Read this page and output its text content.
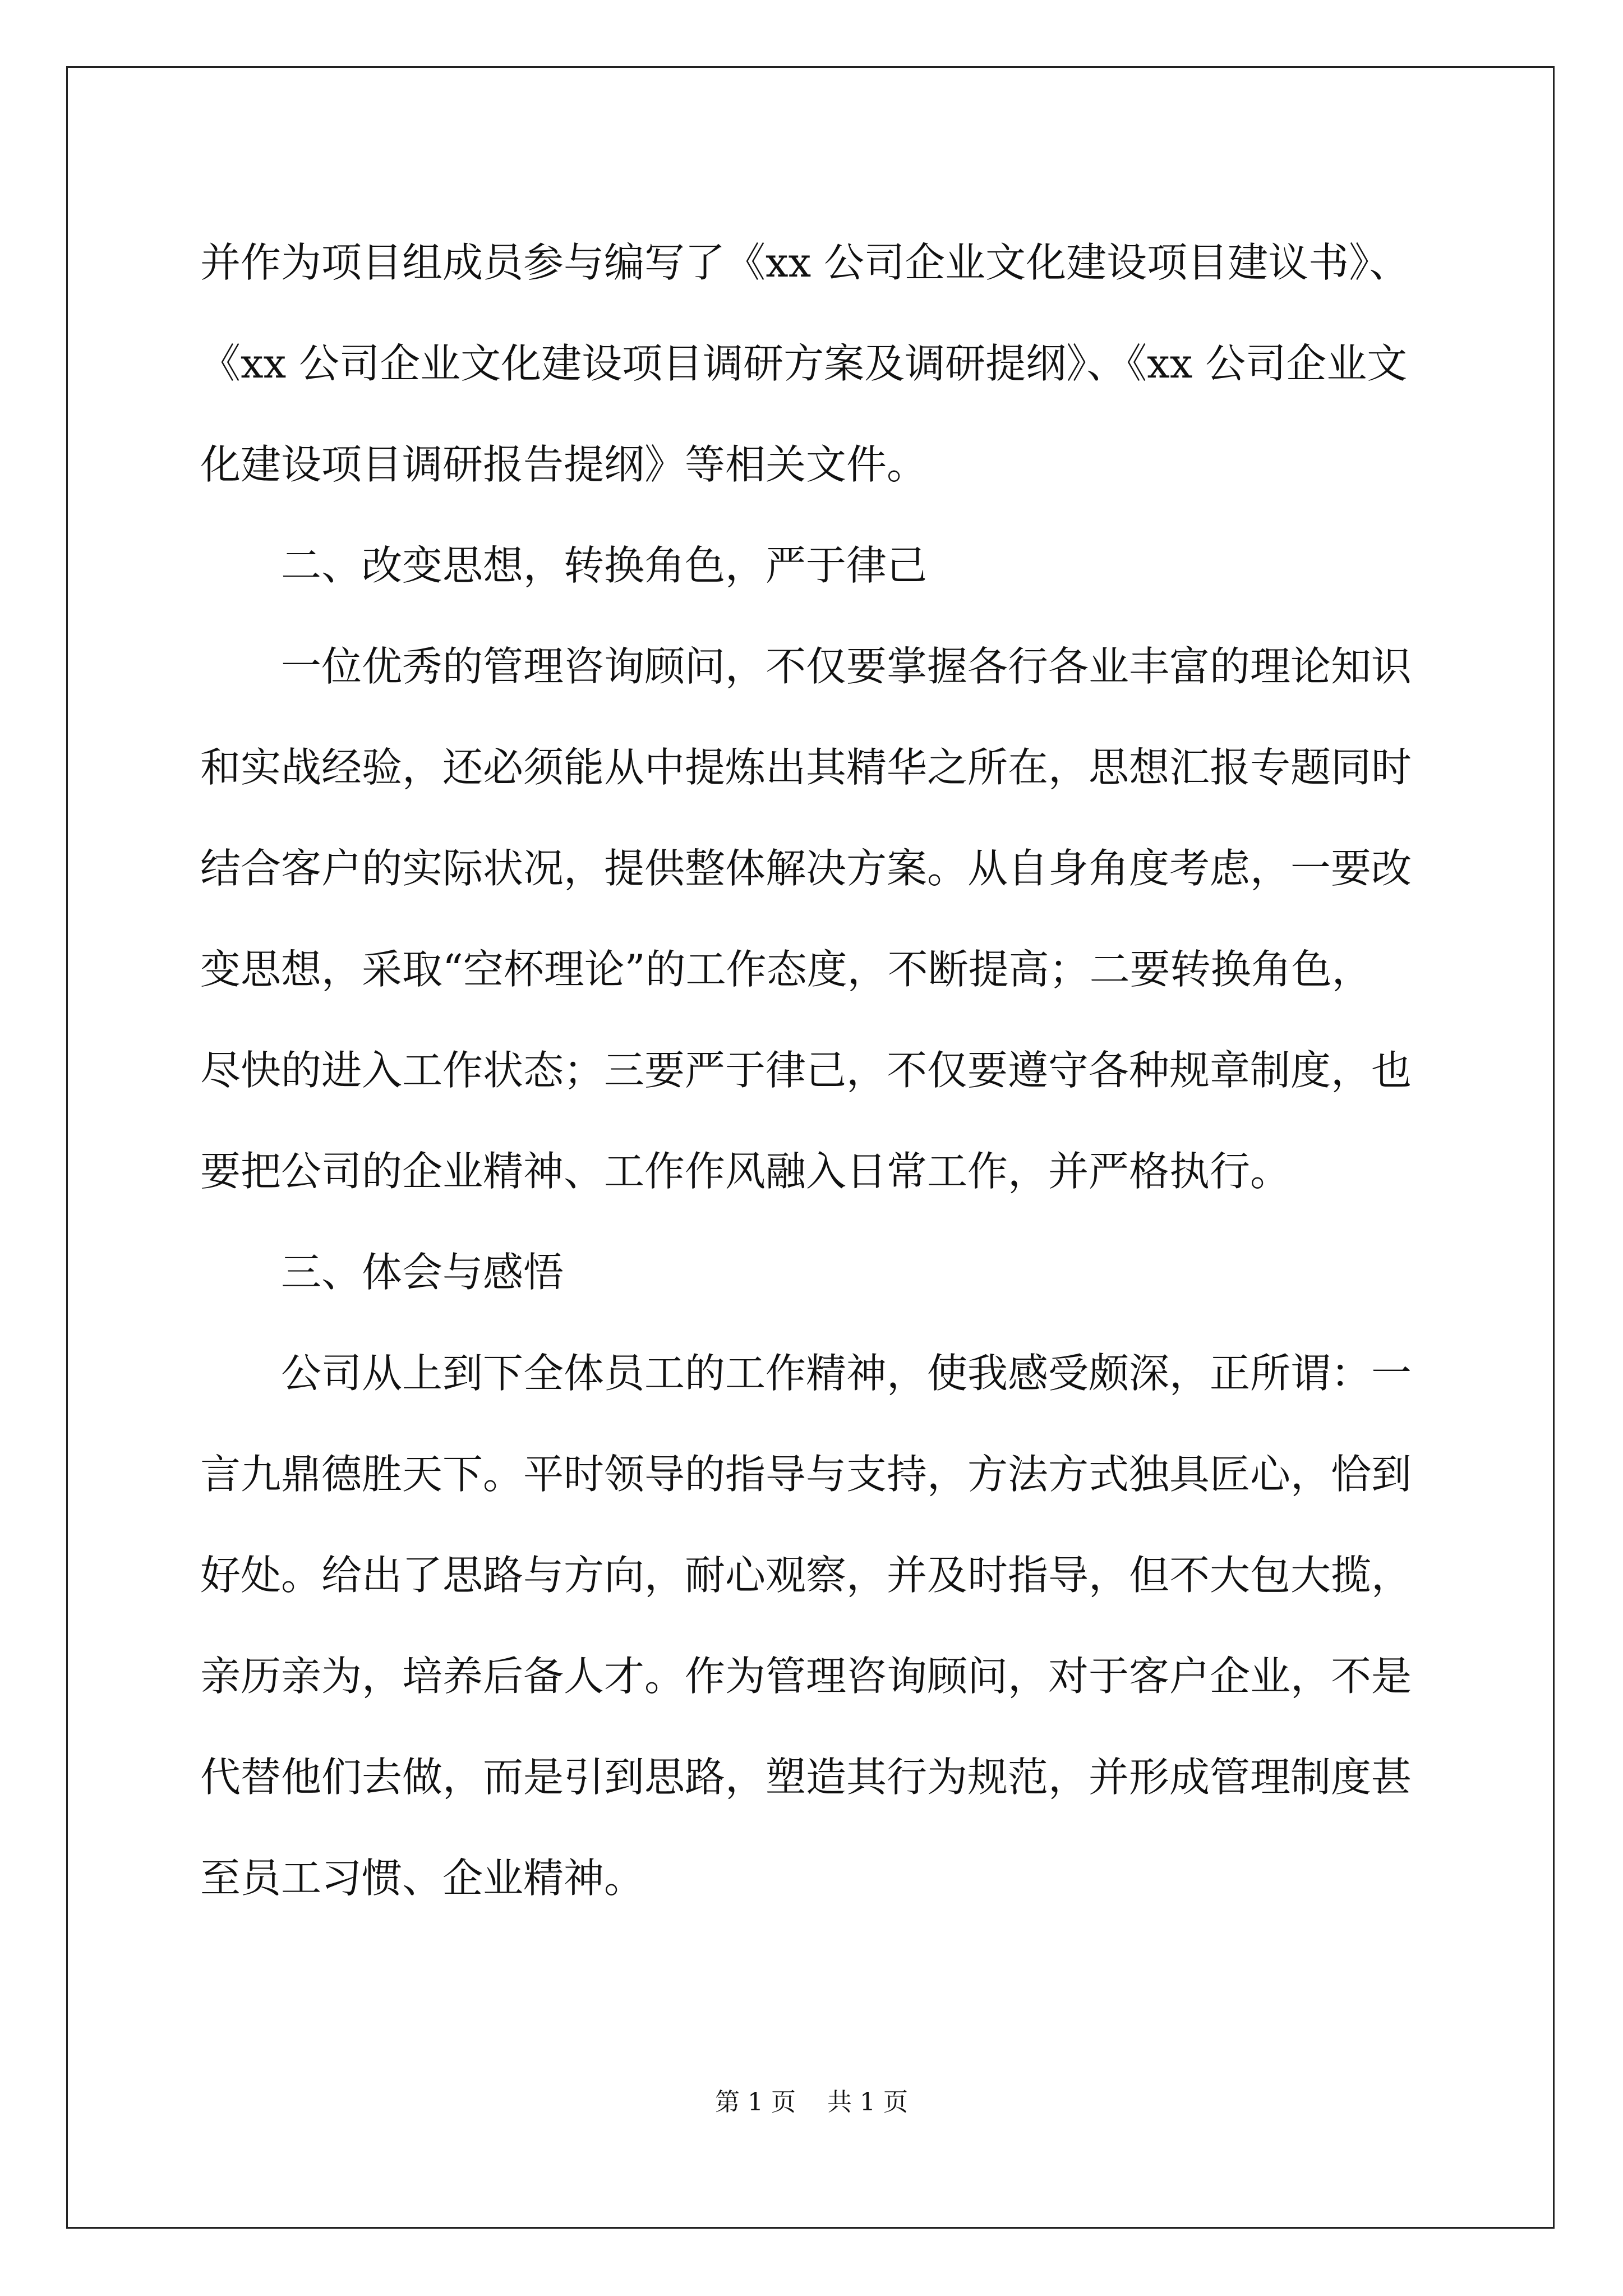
并作为项目组成员参与编写了《xx 公司企业文化建设项目建议书》、
《xx 公司企业文化建设项目调研方案及调研提纲》、《xx 公司企业文
化建设项目调研报告提纲》等相关文件。
二、改变思想，转换角色，严于律己
一位优秀的管理咨询顾问，不仅要掌握各行各业丰富的理论知识
和实战经验，还必须能从中提炼出其精华之所在，思想汇报专题同时
结合客户的实际状况，提供整体解决方案。从自身角度考虑，一要改
变思想，采取“空杯理论”的工作态度，不断提高；二要转换角色，
尽快的进入工作状态；三要严于律己，不仅要遵守各种规章制度，也
要把公司的企业精神、工作作风融入日常工作，并严格执行。
三、体会与感悟
公司从上到下全体员工的工作精神，使我感受颇深，正所谓：一
言九鼎德胜天下。平时领导的指导与支持，方法方式独具匠心，恰到
好处。给出了思路与方向，耐心观察，并及时指导，但不大包大揽，
亲历亲为，培养后备人才。作为管理咨询顾问，对于客户企业，不是
代替他们去做，而是引到思路，塑造其行为规范，并形成管理制度甚
至员工习惯、企业精神。
第 1 页 共 1 页
